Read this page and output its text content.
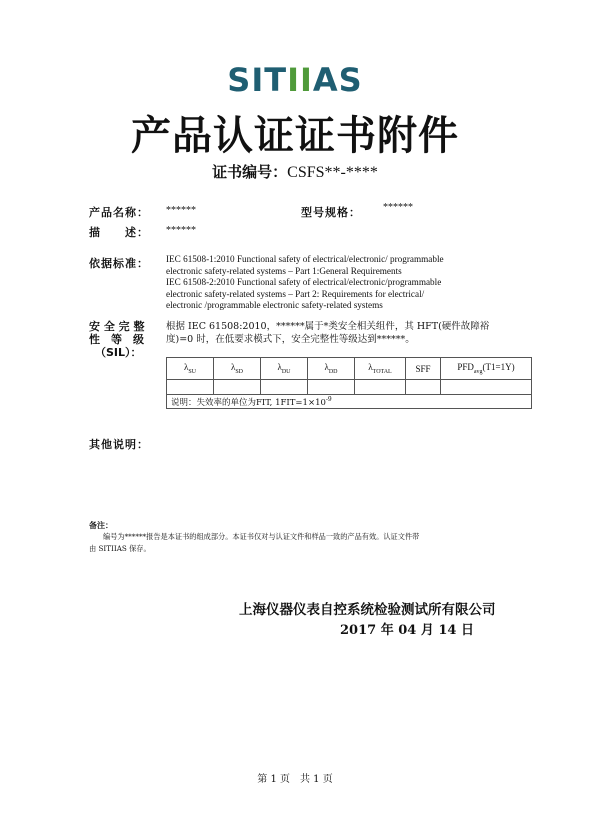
SITIIAS
产品认证证书附件
证书编号：CSFS**-****
产品名称： ******	型号规格： ******
描　　述： ******
依据标准： IEC 61508-1:2010 Functional safety of electrical/electronic/ programmable
electronic safety-related systems – Part 1:General Requirements
IEC 61508-2:2010 Functional safety of electrical/electronic/programmable
electronic safety-related systems – Part 2: Requirements for electrical/
electronic /programmable electronic safety-related systems
安 全 完 整
性　等　级
（SIL）：
根据 IEC 61508:2010，******属于*类安全相关组件，其 HFT(硬件故障裕
度)=0 时，在低要求模式下，安全完整性等级达到******。
$\lambda_{SU}$	$\lambda_{SD}$	$\lambda_{DU}$	$\lambda_{DD}$	$\lambda_{TOTAL}$	SFF	$PFD_{avg}(T1=1Y)$

说明：失效率的单位为FIT, $1FIT=1\times 10^{-9}$
其他说明：
备注：
编号为******报告是本证书的组成部分。本证书仅对与认证文件和样品一致的产品有效。认证文件带
由 SITIIAS 保存。
上海仪器仪表自控系统检验测试所有限公司
2017 年 04 月 14 日
第 1 页　共 1 页
